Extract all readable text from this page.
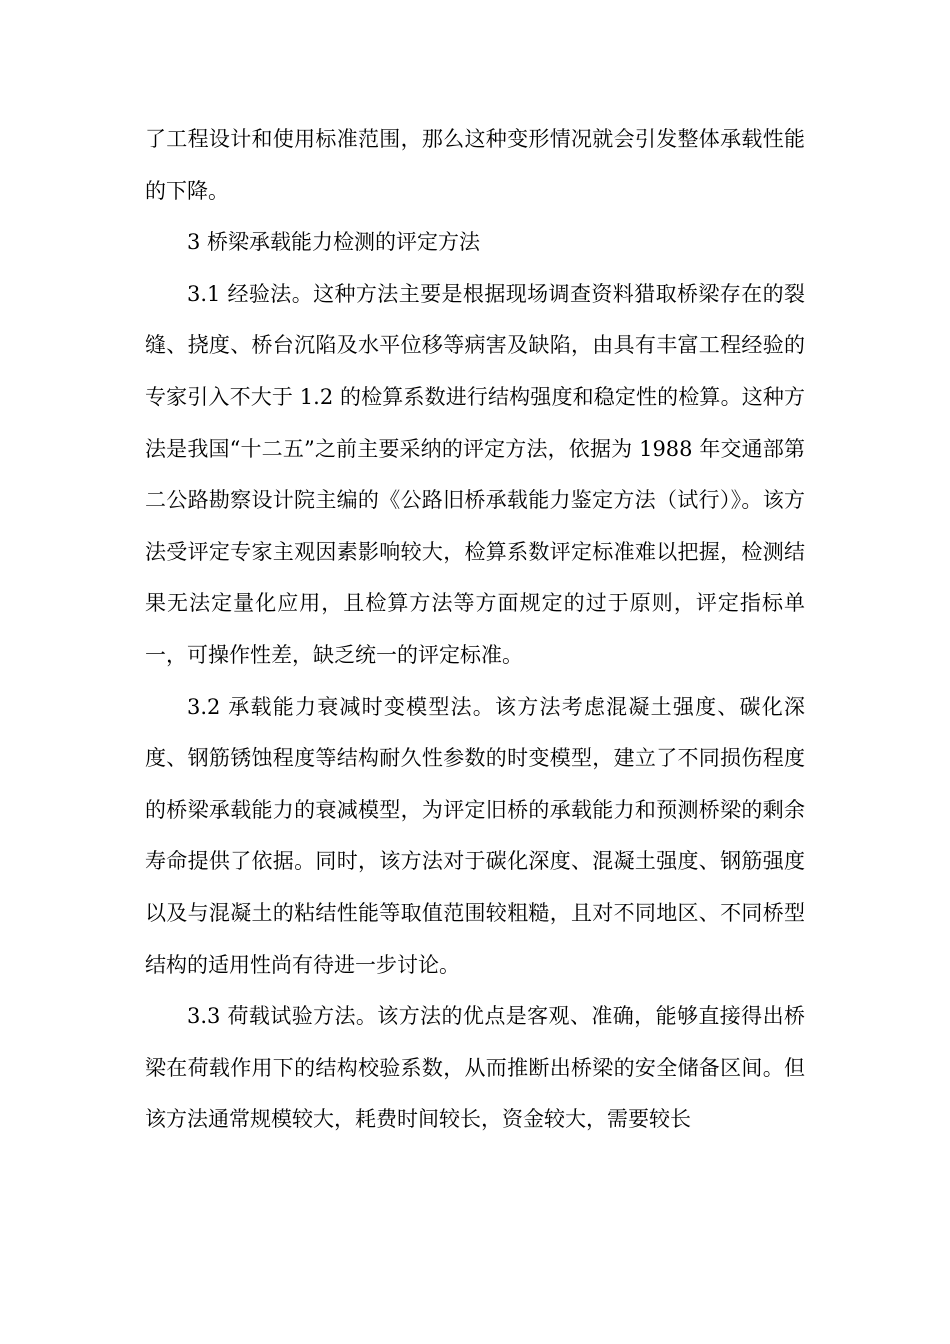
了工程设计和使用标准范围，那么这种变形情况就会引发整体承载性能的下降。

3 桥梁承载能力检测的评定方法

3.1 经验法。这种方法主要是根据现场调查资料猎取桥梁存在的裂缝、挠度、桥台沉陷及水平位移等病害及缺陷，由具有丰富工程经验的专家引入不大于 1.2 的检算系数进行结构强度和稳定性的检算。这种方法是我国“十二五”之前主要采纳的评定方法，依据为 1988 年交通部第二公路勘察设计院主编的《公路旧桥承载能力鉴定方法（试行）》。该方法受评定专家主观因素影响较大，检算系数评定标准难以把握，检测结果无法定量化应用，且检算方法等方面规定的过于原则，评定指标单一，可操作性差，缺乏统一的评定标准。

3.2 承载能力衰减时变模型法。该方法考虑混凝土强度、碳化深度、钢筋锈蚀程度等结构耐久性参数的时变模型，建立了不同损伤程度的桥梁承载能力的衰减模型，为评定旧桥的承载能力和预测桥梁的剩余寿命提供了依据。同时，该方法对于碳化深度、混凝土强度、钢筋强度以及与混凝土的粘结性能等取值范围较粗糙，且对不同地区、不同桥型结构的适用性尚有待进一步讨论。

3.3 荷载试验方法。该方法的优点是客观、准确，能够直接得出桥梁在荷载作用下的结构校验系数，从而推断出桥梁的安全储备区间。但该方法通常规模较大，耗费时间较长，资金较大，需要较长
